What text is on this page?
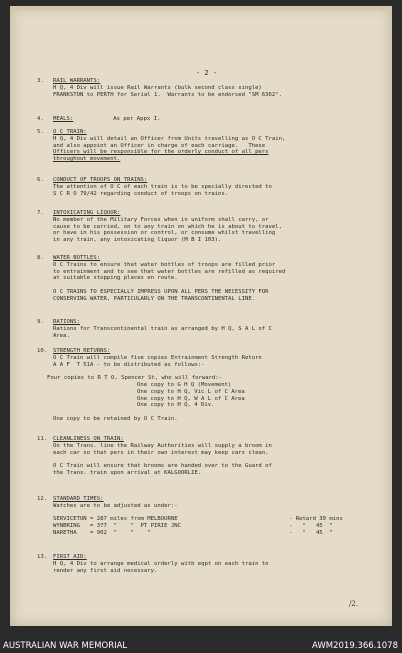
- 2 -
3.	RAIL WARRANTS:
H Q, 4 Div will issue Rail Warrants (bulk second class single)
FRANKSTON to PERTH for Serial 1.  Warrants to be endorsed "SM 6362".
4.	MEALS:	As per Appx I.
5.	O C TRAIN:
H Q, 4 Div will detail an Officer from Units travelling as O C Train,
and also appoint an Officer in charge of each carriage.   These
Officers will be responsible for the orderly conduct of all pers
throughout movement.
6.	CONDUCT OF TROOPS ON TRAINS:
The attention of O C of each train is to be specially directed to
S C R O 79/42 regarding conduct of troops on trains.
7.	INTOXICATING LIQUOR:
No member of the Military Forces when in uniform shall carry, or
cause to be carried, on to any train on which he is about to travel,
or have in his possession or control, or consume whilst travelling
in any train, any intoxicating liquor (M B I 103).
8.	WATER BOTTLES:
O C Trains to ensure that water bottles of troops are filled prior
to entrainment and to see that water bottles are refilled as required
at suitable stopping places en route.

O C TRAINS TO ESPECIALLY IMPRESS UPON ALL PERS THE NECESSITY FOR
CONSERVING WATER, PARTICULARLY ON THE TRANSCONTINENTAL LINE.
9.	RATIONS:
Rations for Transcontinental train as arranged by H Q, S A L of C
Area.
10.	STRENGTH RETURNS:
O C Train will compile five copies Entrainment Strength Return
A A F  T 51A - to be distributed as follows:-

Four copies to R T O, Spencer St, who will forward:-
One copy to G H Q (Movement)
One copy to H Q, Vic L of C Area
One copy to H Q, W A L of C Area
One copy to H Q, 4 Div.

One copy to be retained by O C Train.
11.	CLEANLINESS ON TRAIN:
On the Trans. line the Railway Authorities will supply a broom in
each car so that pers in their own interest may keep cars clean.

O C Train will ensure that brooms are handed over to the Guard of
the Trans. train upon arrival at KALGOORLIE.
12.	STANDARD TIMES:
Watches are to be adjusted as under:-

SERVICETON = 287 miles from MELBOURNE	- Retard 30 mins
WYNBRING   = 377  "    "  PT PIRIE JNC	-   "   45  "
NARETHA    = 902  "    "    "	-   "   45  "
13.	FIRST AID:
H Q, 4 Div to arrange medical orderly with eqpt on each train to
render any first aid necessary.
/2.
AUSTRALIAN WAR MEMORIAL	AWM2019.366.1078
